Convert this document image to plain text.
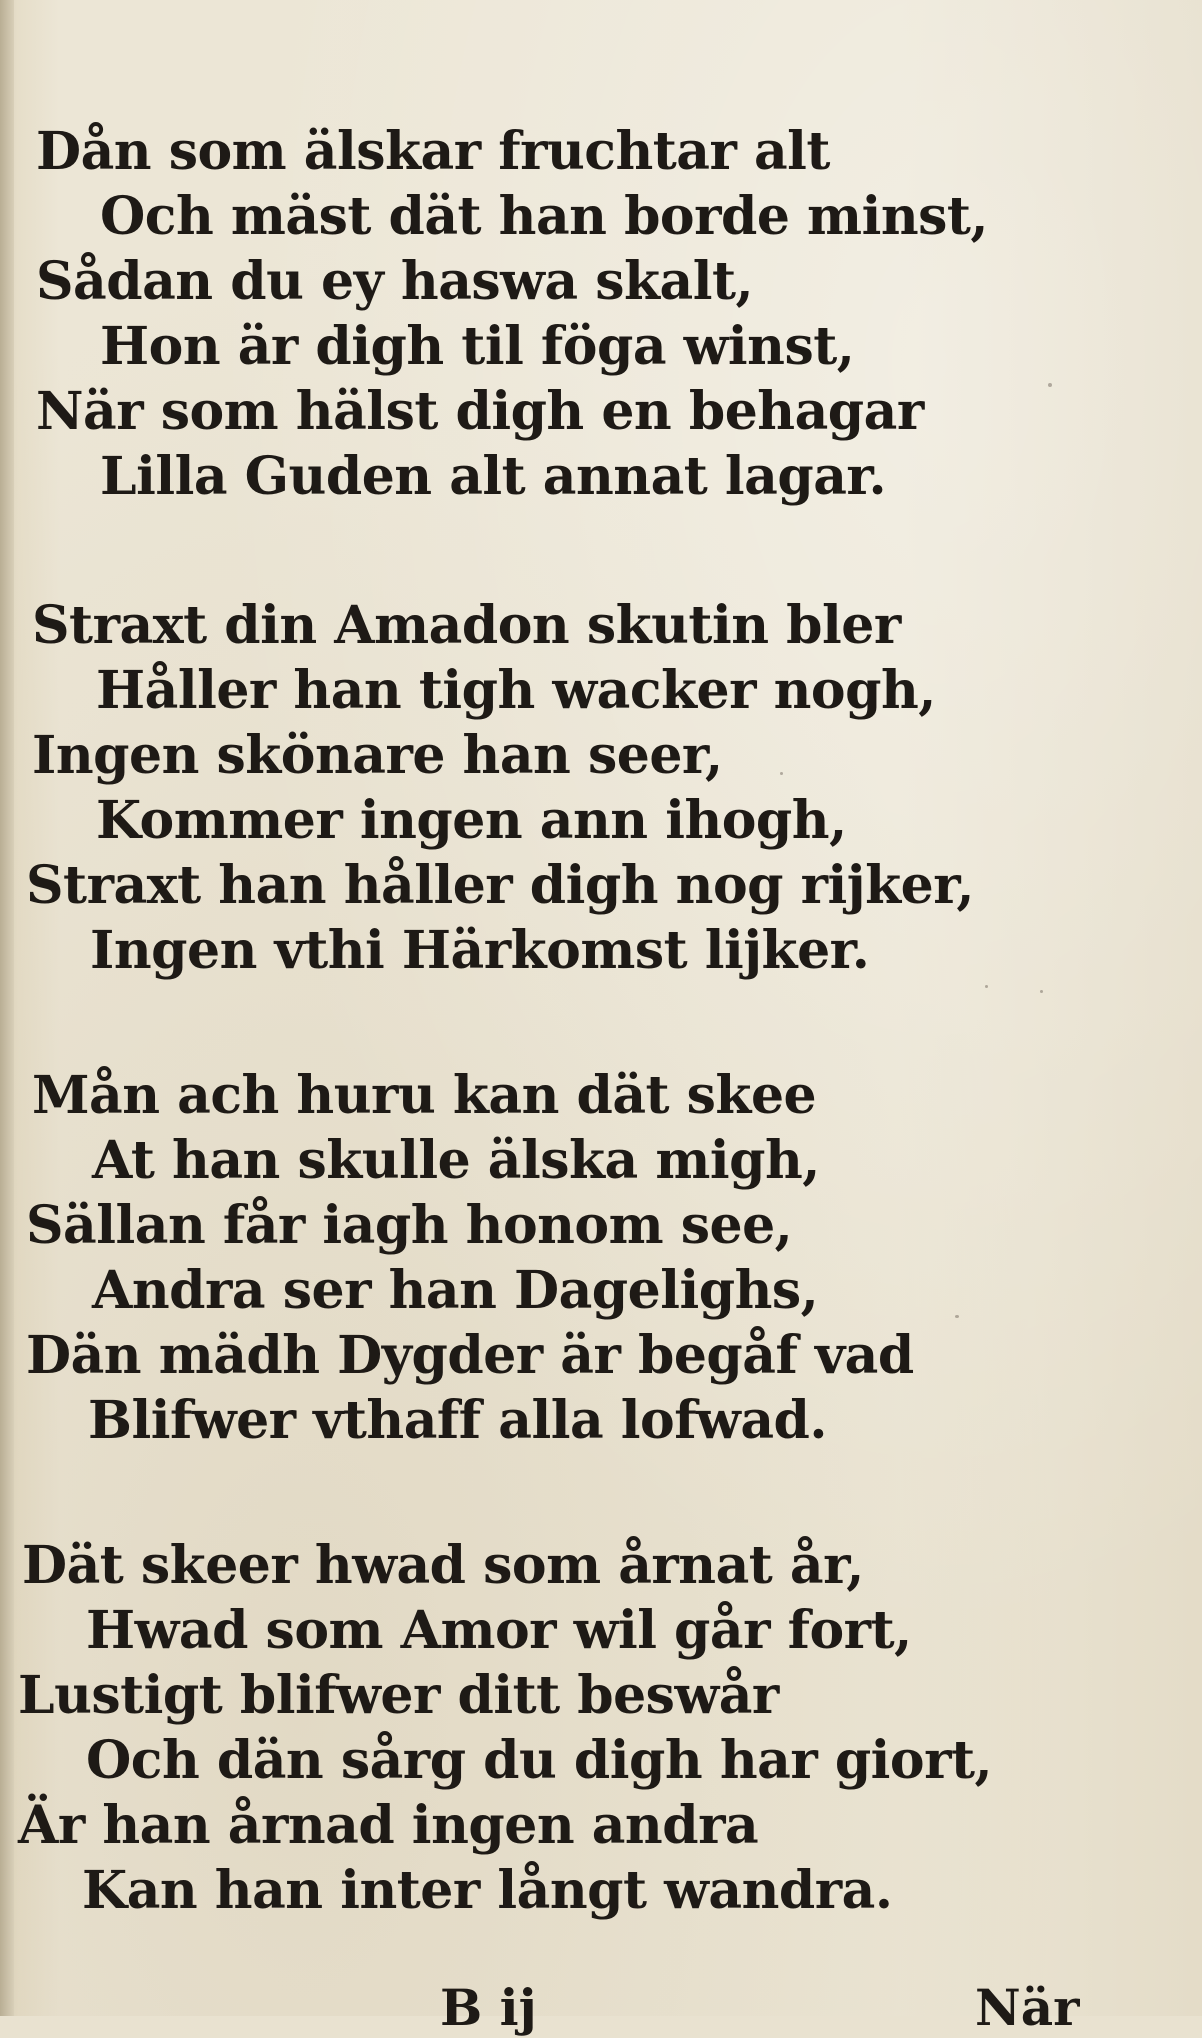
Dån som älskar fruchtar alt
Och mäst dät han borde minst,
Sådan du ey haswa skalt,
Hon är digh til föga winst,
När som hälst digh en behagar
Lilla Guden alt annat lagar.
Straxt din Amadon skutin bler
Håller han tigh wacker nogh,
Ingen skönare han seer,
Kommer ingen ann ihogh,
Straxt han håller digh nog rijker,
Ingen vthi Härkomst lijker.
Mån ach huru kan dät skee
At han skulle älska migh,
Sällan får iagh honom see,
Andra ser han Dagelighs,
Dän mädh Dygder är begåf vad
Blifwer vthaff alla lofwad.
Dät skeer hwad som årnat år,
Hwad som Amor wil går fort,
Lustigt blifwer ditt beswår
Och dän sårg du digh har giort,
Är han årnad ingen andra
Kan han inter långt wandra.
B ij	När
